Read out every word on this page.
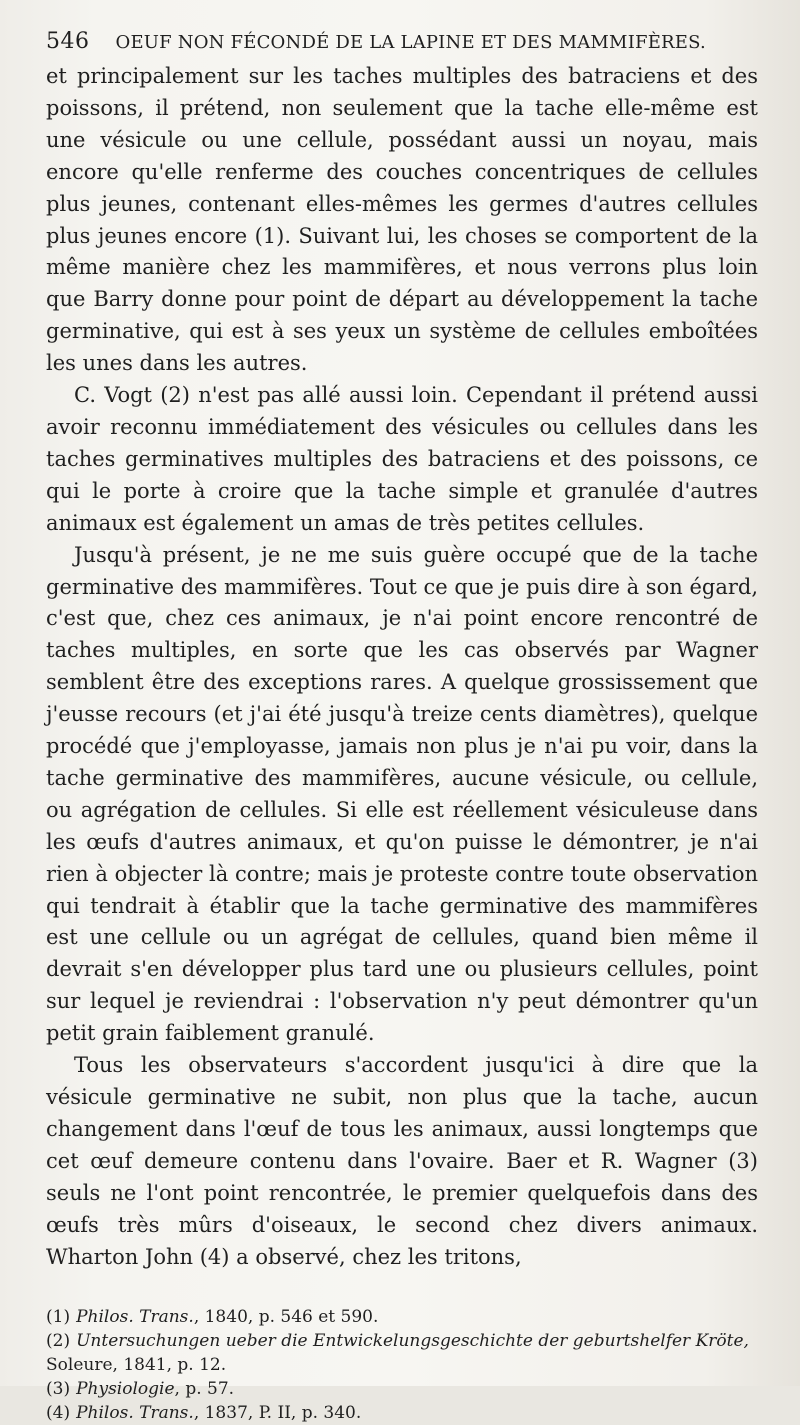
546 OEUF NON FÉCONDÉ DE LA LAPINE ET DES MAMMIFÈRES.

et principalement sur les taches multiples des batraciens et des poissons, il prétend, non seulement que la tache elle-même est une vésicule ou une cellule, possédant aussi un noyau, mais encore qu'elle renferme des couches concentriques de cellules plus jeunes, contenant elles-mêmes les germes d'autres cellules plus jeunes encore (1). Suivant lui, les choses se comportent de la même manière chez les mammifères, et nous verrons plus loin que Barry donne pour point de départ au développement la tache germinative, qui est à ses yeux un système de cellules emboîtées les unes dans les autres.

C. Vogt (2) n'est pas allé aussi loin. Cependant il prétend aussi avoir reconnu immédiatement des vésicules ou cellules dans les taches germinatives multiples des batraciens et des poissons, ce qui le porte à croire que la tache simple et granulée d'autres animaux est également un amas de très petites cellules.

Jusqu'à présent, je ne me suis guère occupé que de la tache germinative des mammifères. Tout ce que je puis dire à son égard, c'est que, chez ces animaux, je n'ai point encore rencontré de taches multiples, en sorte que les cas observés par Wagner semblent être des exceptions rares. A quelque grossissement que j'eusse recours (et j'ai été jusqu'à treize cents diamètres), quelque procédé que j'employasse, jamais non plus je n'ai pu voir, dans la tache germinative des mammifères, aucune vésicule, ou cellule, ou agrégation de cellules. Si elle est réellement vésiculeuse dans les œufs d'autres animaux, et qu'on puisse le démontrer, je n'ai rien à objecter là contre; mais je proteste contre toute observation qui tendrait à établir que la tache germinative des mammifères est une cellule ou un agrégat de cellules, quand bien même il devrait s'en développer plus tard une ou plusieurs cellules, point sur lequel je reviendrai : l'observation n'y peut démontrer qu'un petit grain faiblement granulé.

Tous les observateurs s'accordent jusqu'ici à dire que la vésicule germinative ne subit, non plus que la tache, aucun changement dans l'œuf de tous les animaux, aussi longtemps que cet œuf demeure contenu dans l'ovaire. Baer et R. Wagner (3) seuls ne l'ont point rencontrée, le premier quelquefois dans des œufs très mûrs d'oiseaux, le second chez divers animaux. Wharton John (4) a observé, chez les tritons,

(1) Philos. Trans., 1840, p. 546 et 590.

(2) Untersuchungen ueber die Entwickelungsgeschichte der geburtshelfer Kröte, Soleure, 1841, p. 12.

(3) Physiologie, p. 57.

(4) Philos. Trans., 1837, P. II, p. 340.
